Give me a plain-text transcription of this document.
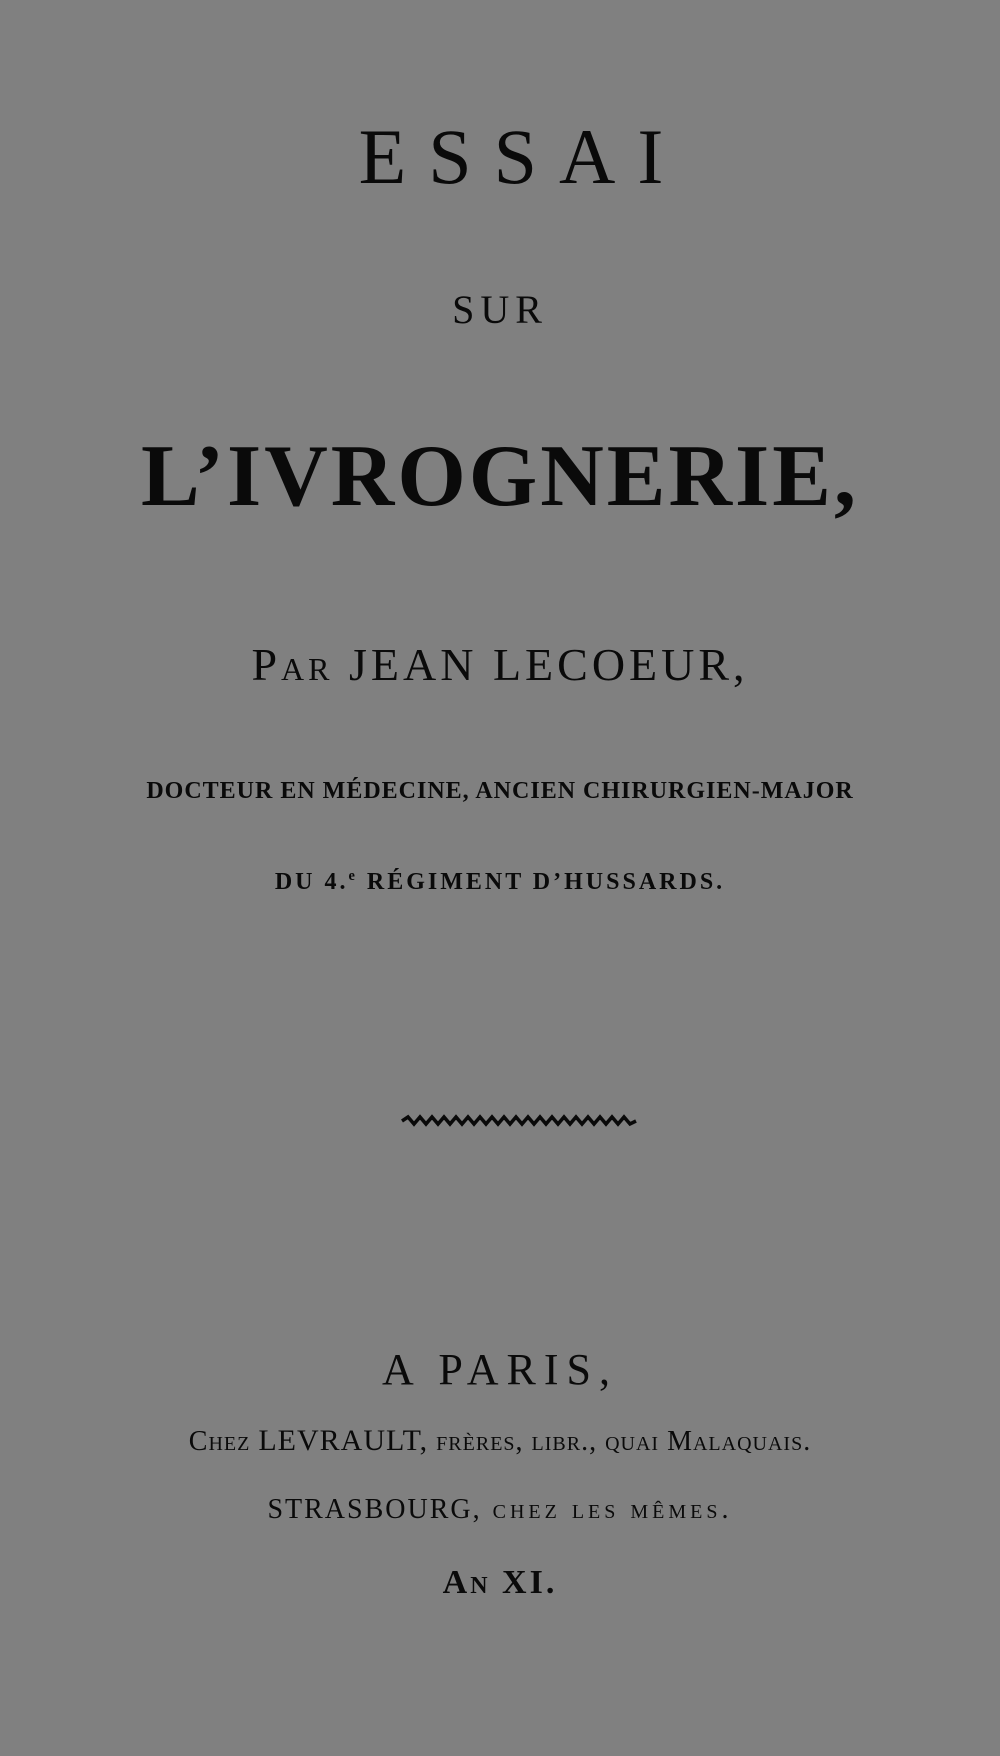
ESSAI
SUR
L’IVROGNERIE,
Par JEAN LECOEUR,
DOCTEUR EN MÉDECINE, ANCIEN CHIRURGIEN-MAJOR
DU 4.$^e$ RÉGIMENT D’HUSSARDS.
A PARIS,
Chez LEVRAULT, frères, libr., quai Malaquais.
STRASBOURG, chez les mêmes.
An XI.
